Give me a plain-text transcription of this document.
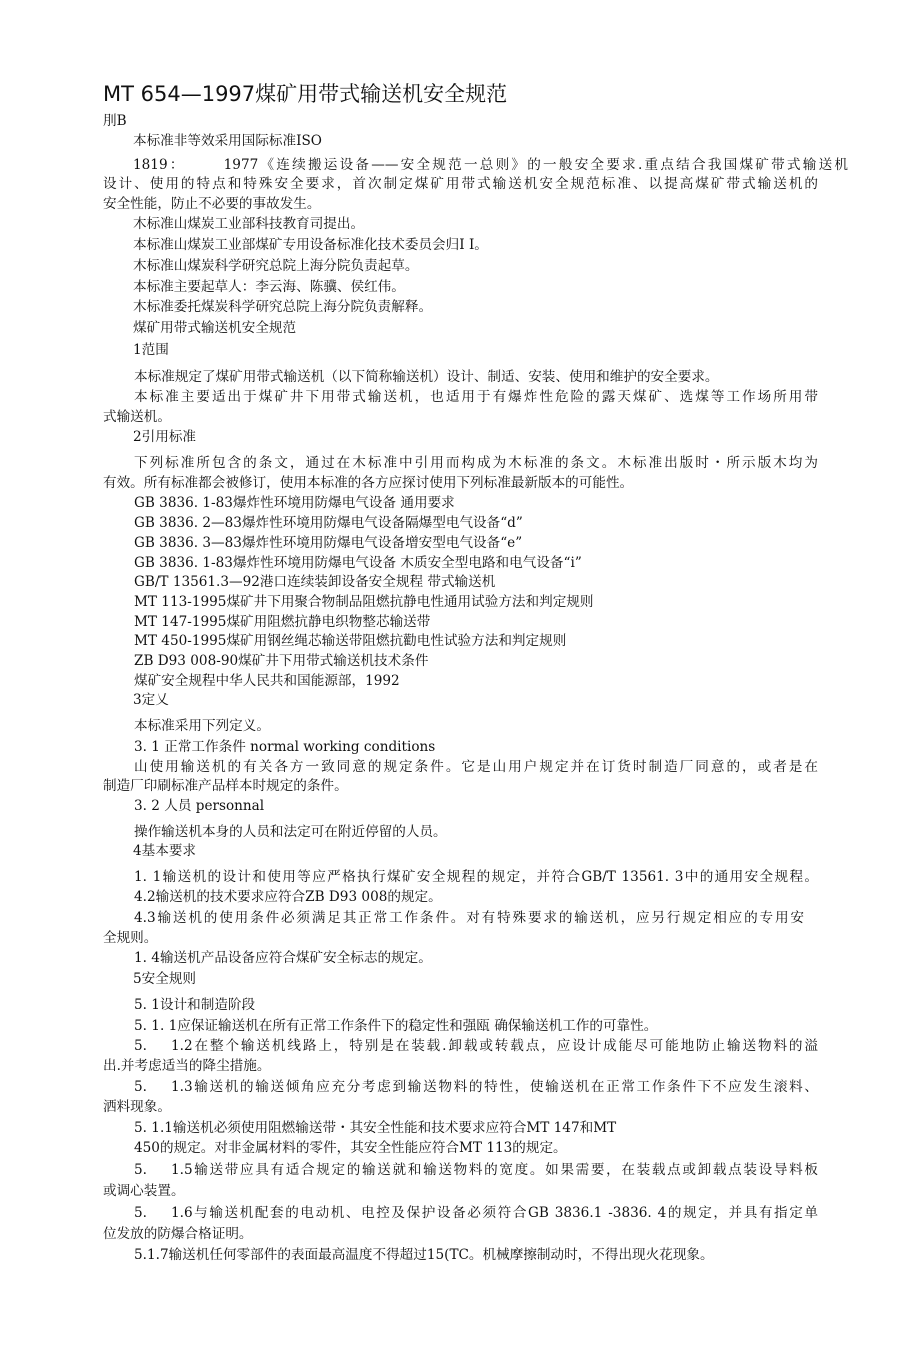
MT 654—1997煤矿用带式输送机安全规范

刖B

本标准非等效采用国际标准ISO

1819：	1977《连续搬运设备——安全规范一总则》的一般安全要求.重点结合我国煤矿带式输送机

设计、使用的特点和特殊安全要求，首次制定煤矿用带式输送机安全规范标准、以提高煤矿带式输送机的

安全性能，防止不必要的事故发生。

木标准山煤炭工业部科技教育司提出。

本标准山煤炭工业部煤矿专用设备标准化技术委员会归I I。

木标准山煤炭科学研究总院上海分院负责起草。

本标准主要起草人：李云海、陈骥、侯红伟。

木标准委托煤炭科学研究总院上海分院负责解释。

煤矿用带式输送机安全规范

1范围

本标准规定了煤矿用带式输送机（以下简称输送机）设计、制适、安装、使用和维护的安全要求。

本标准主要适出于煤矿井下用带式输送机，也适用于有爆炸性危险的露天煤矿、选煤等工作场所用带

式输送机。

2引用标准

下列标准所包含的条文，通过在木标准中引用而构成为木标准的条文。木标准出版时・所示版木均为

有效。所有标准都会被修订，使用本标准的各方应探讨使用下列标准最新版本的可能性。

GB 3836. 1-83爆炸性环境用防爆电气设备 通用要求

GB 3836. 2—83爆炸性环境用防爆电气设备隔爆型电气设备“d”

GB 3836. 3—83爆炸性环境用防爆电气设备增安型电气设备“e”

GB 3836. 1-83爆炸性环境用防爆电气设备 木质安全型电路和电气设备“i”

GB/T 13561.3—92港口连续装卸设备安全规程 带式输送机

MT 113-1995煤矿井下用聚合物制品阻燃抗静电性通用试验方法和判定规则

MT 147-1995煤矿用阻燃抗静电织物整芯输送带

MT 450-1995煤矿用钢丝绳芯输送带阻燃抗勸电性试验方法和判定规则

ZB D93 008-90煤矿井下用带式输送机技术条件

煤矿安全规程中华人民共和国能源部，1992

3定乂

本标准采用下列定义。

3. 1 正常工作条件 normal working conditions

山使用输送机的有关各方一致同意的规定条件。它是山用户规定并在订货时制造厂同意的，或者是在

制造厂印刷标准产品样本时规定的条件。

3. 2 人员 personnal

操作输送机本身的人员和法定可在附近停留的人员。

4基本要求

1. 1输送机的设计和使用等应严格执行煤矿安全规程的规定，并符合GB/T 13561. 3中的通用安全规程。

4.2输送机的技术要求应符合ZB D93 008的规定。

4.3输送机的使用条件必须满足其正常工作条件。对有特殊要求的输送机，应另行规定相应的专用安

全规则。

1. 4输送机产品设备应符合煤矿安全标志的规定。

5安全规则

5. 1设计和制造阶段

5. 1. 1应保证输送机在所有正常工作条件下的稳定性和强瓯 确保输送机工作的可靠性。

5. 1.2在整个输送机线路上，特别是在装载.卸载或转载点，应设计成能尽可能地防止输送物料的溢

出.并考虑适当的降尘措施。

5. 1.3输送机的输送倾角应充分考虑到输送物料的特性，使输送机在正常工作条件下不应发生滚料、

洒料现象。

5. 1.1输送机必须使用阻燃输送带・其安全性能和技术要求应符合MT 147和MT

450的规定。对非金属材料的零件，其安全性能应符合MT 113的规定。

5. 1.5输送带应具有适合规定的输送就和输送物料的宽度。如果需要，在装载点或卸载点装设导料板

或调心装置。

5. 1.6与输送机配套的电动机、电控及保护设备必须符合GB 3836.1 -3836. 4的规定，并具有指定单

位发放的防爆合格证明。

5.1.7输送机任何零部件的表面最高温度不得超过15(TC。机械摩擦制动时，不得出现火花现象。
